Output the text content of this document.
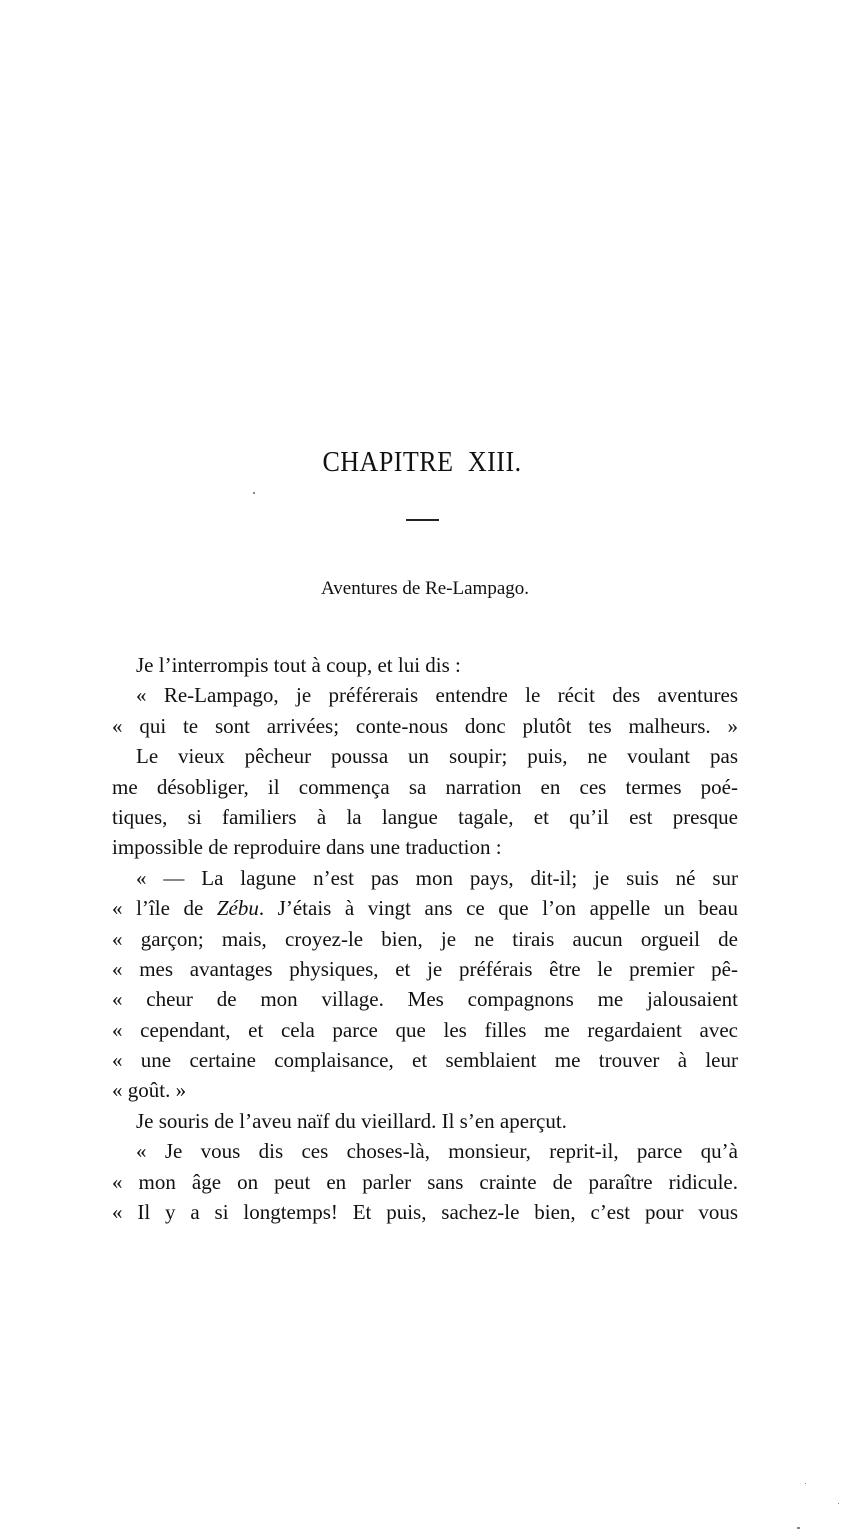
CHAPITRE XIII.
Aventures de Re-Lampago.
Je l’interrompis tout à coup, et lui dis :
« Re-Lampago, je préférerais entendre le récit des aventures
« qui te sont arrivées; conte-nous donc plutôt tes malheurs. »
Le vieux pêcheur poussa un soupir; puis, ne voulant pas
me désobliger, il commença sa narration en ces termes poé-
tiques, si familiers à la langue tagale, et qu’il est presque
impossible de reproduire dans une traduction :
« — La lagune n’est pas mon pays, dit-il; je suis né sur
« l’île de Zébu. J’étais à vingt ans ce que l’on appelle un beau
« garçon; mais, croyez-le bien, je ne tirais aucun orgueil de
« mes avantages physiques, et je préférais être le premier pê-
« cheur de mon village. Mes compagnons me jalousaient
« cependant, et cela parce que les filles me regardaient avec
« une certaine complaisance, et semblaient me trouver à leur
« goût. »
Je souris de l’aveu naïf du vieillard. Il s’en aperçut.
« Je vous dis ces choses-là, monsieur, reprit-il, parce qu’à
« mon âge on peut en parler sans crainte de paraître ridicule.
« Il y a si longtemps! Et puis, sachez-le bien, c’est pour vous
